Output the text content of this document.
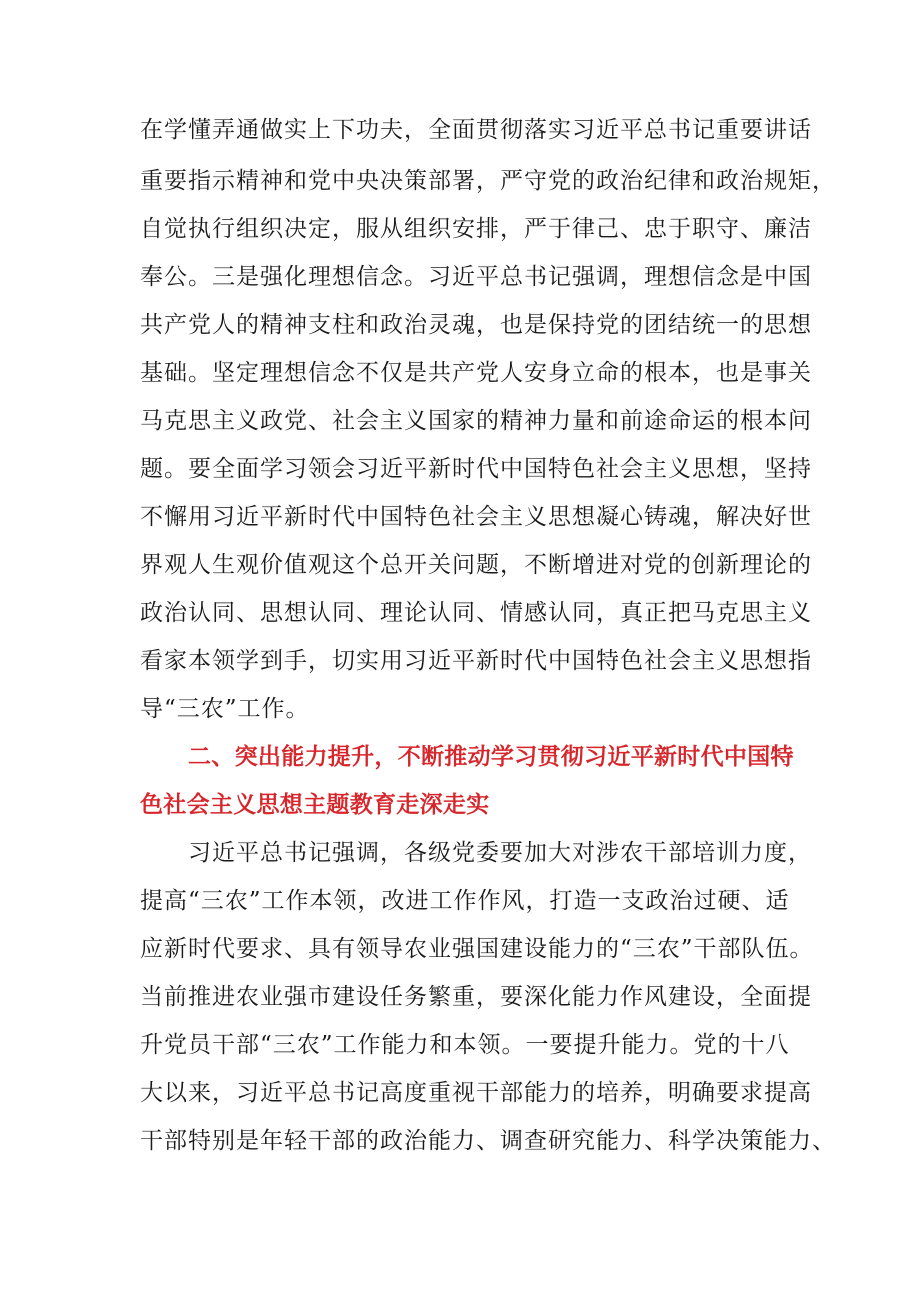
在学懂弄通做实上下功夫，全面贯彻落实习近平总书记重要讲话
重要指示精神和党中央决策部署，严守党的政治纪律和政治规矩，
自觉执行组织决定，服从组织安排，严于律己、忠于职守、廉洁
奉公。三是强化理想信念。习近平总书记强调，理想信念是中国
共产党人的精神支柱和政治灵魂，也是保持党的团结统一的思想
基础。坚定理想信念不仅是共产党人安身立命的根本，也是事关
马克思主义政党、社会主义国家的精神力量和前途命运的根本问
题。要全面学习领会习近平新时代中国特色社会主义思想，坚持
不懈用习近平新时代中国特色社会主义思想凝心铸魂，解决好世
界观人生观价值观这个总开关问题，不断增进对党的创新理论的
政治认同、思想认同、理论认同、情感认同，真正把马克思主义
看家本领学到手，切实用习近平新时代中国特色社会主义思想指
导“三农”工作。
二、突出能力提升，不断推动学习贯彻习近平新时代中国特
色社会主义思想主题教育走深走实
习近平总书记强调，各级党委要加大对涉农干部培训力度，
提高“三农”工作本领，改进工作作风，打造一支政治过硬、适
应新时代要求、具有领导农业强国建设能力的“三农”干部队伍。
当前推进农业强市建设任务繁重，要深化能力作风建设，全面提
升党员干部“三农”工作能力和本领。一要提升能力。党的十八
大以来，习近平总书记高度重视干部能力的培养，明确要求提高
干部特别是年轻干部的政治能力、调查研究能力、科学决策能力、
